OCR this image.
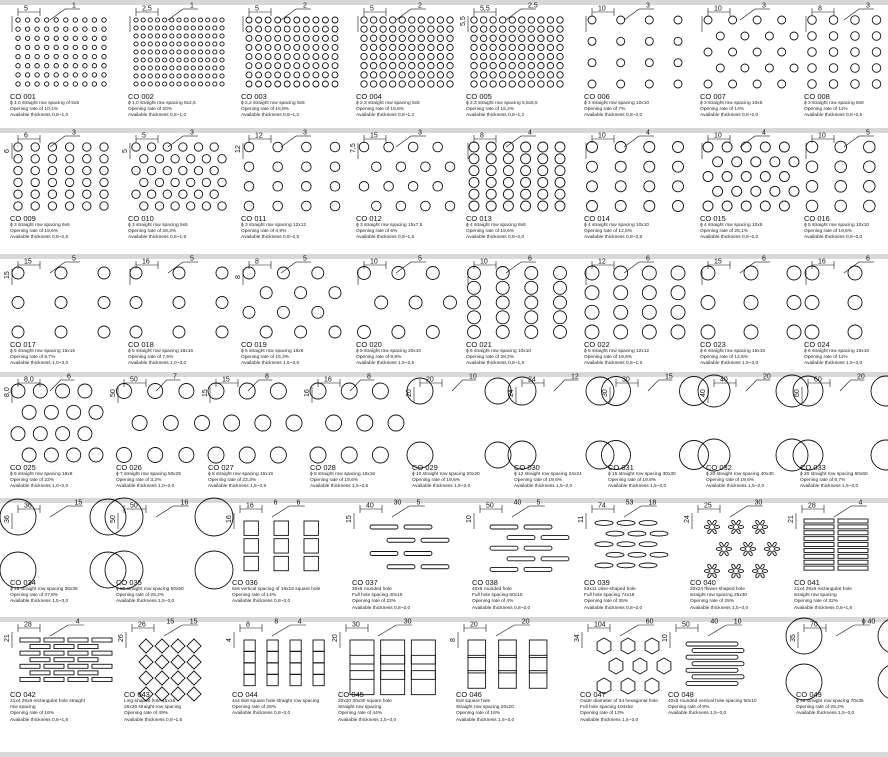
5	1
CO 001
ɸ 1,0 straight row spacing of 5x5
Opening rate of 10,1%
Available thickness 0,8~1,0
2,5	1
CO 002
ɸ 1,0 straight row spacing 5x2,5
Opening rate of 20%
Available thickness 0,8~1,0
5	2
CO 003
ɸ 2,2 straight row spacing 5x5
Opening rate of 16,8%
Available thickness 0,8~1,2
5	2
CO 004
ɸ 2,3 straight row spacing 5x5
Opening rate of 18,8%
Available thickness 0,8~1,2
5,5
5,5
2,5
CO 005
ɸ 2,3 straight row spacing 5,5x5,5
Opening rate of 16,2%
Available thickness 0,8~1,2
10	3
CO 006
ɸ 3 straight row spacing 10x10
Opening rate of 7%
Available thickness 0,8~2,0
10	3
CO 007
ɸ 3 straight row spacing 10x5
Opening rate of 14%
Available thickness 0,8~2,0
8	3
CO 008
ɸ 3 straight row spacing 8x8
Opening rate of 11%
Available thickness 0,8~2,5
6
6
3
CO 009
ɸ 3 straight row spacing 6x6
Opening rate of 19,6%
Available thickness 0,8~2,5
5
5
3
CO 010
ɸ 3 straight row spacing 5x5
Opening rate of 28,3%
Available thickness 0,8~1,5
12
12
3
CO 011
ɸ 3 straight row spacing 12x12
Opening rate of 4,9%
Available thickness 0,8~2,5
15
7,5
3
CO 012
ɸ 3 straight row spacing 15x7,5
Opening rate of 6%
Available thickness 0,8~1,5
8	4
CO 013
ɸ 4 straight row spacing 8x8
Opening rate of 19,6%
Available thickness 0,8~2,0
10	4
CO 014
ɸ 4 straight row spacing 10x10
Opening rate of 12,5%
Available thickness 0,8~2,5
10	4
CO 015
ɸ 4 straight row spacing 10x5
Opening rate of 25,1%
Available thickness 0,8~2,0
10	5
CO 016
ɸ 5 straight row spacing 10x10
Opening rate of 19,6%
Available thickness 0,8~3,0
15
15
5
CO 017
ɸ 5 straight row spacing 15x15
Opening rate of 8,7%
Available thickness 1,0~3,0
16	5
CO 018
ɸ 5 straight row spacing 16x16
Opening rate of 7,6%
Available thickness 1,0~3,0
8
8
5
CO 019
ɸ 5 straight row spacing 16x8
Opening rate of 15,3%
Available thickness 1,5~2,5
10	5
CO 020
ɸ 5 straight row spacing 20x10
Opening rate of 9,8%
Available thickness 1,5~2,5
10	6
CO 021
ɸ 6 straight row spacing 10x10
Opening rate of 28,2%
Available thickness 0,8~1,5
12	6
CO 022
ɸ 6 straight row spacing 12x12
Opening rate of 19,6%
Available thickness 0,8~1,5
15	6
CO 023
ɸ 6 straight row spacing 15x15
Opening rate of 12,6%
Available thickness 1,5~3,0
16	6
CO 024
ɸ 6 straight row spacing 16x16
Opening rate of 11%
Available thickness 1,5~3,0
8,0
8,0
6
CO 025
ɸ 6 straight row spacing 16x8
Opening rate of 22%
Available thickness 1,0~2,0
50
50
7
CO 026
ɸ 7 straight row spacing 50x25
Opening rate of 3,2%
Available thickness 1,0~2,0
15
15
8
CO 027
ɸ 8 straight row spacing 15x15
Opening rate of 22,3%
Available thickness 1,5~2,5
16
16
8
CO 028
ɸ 8 straight row spacing 16x16
Opening rate of 19,6%
Available thickness 1,5~2,5
20
20
10
CO 029
ɸ 10 straight row spacing 20x20
Opening rate of 19,6%
Available thickness 1,5~2,0
24
24
12
CO 030
ɸ 12 straight row spacing 24x24
Opening rate of 19,6%
Available thickness 1,5~2,0
30
30
15
CO 031
ɸ 15 straight row spacing 30x30
Opening rate of 19,6%
Available thickness 1,5~2,0
40
40
20
CO 032
ɸ 20 straight row spacing 40x40
Opening rate of 19,6%
Available thickness 1,5~2,0
60
60
20
CO 033
ɸ 20 straight row spacing 60x60
Opening rate of 8,7%
Available thickness 1,5~2,0
36
36
15
CO 034
ɸ 25 straight row spacing 36x36
Opening rate of 37,8%
Available thickness 1,5~3,0
50
50
16
CO 035
ɸ 30 straight row spacing 50x50
Opening rate of 28,2%
Available thickness 1,5~3,0
16
16
6	6
CO 036
6x6 vertical spacing of 16x16 square hole
Opening rate of 14%
Available thickness 0,8~2,0
40
15
30 5
CO 037
30x5 rounded hole
Full hole spacing 40x15
Opening rate of 22%
Available thickness 0,8~2,0
50
10
40 5
CO 038
40x5 rounded hole
Full hole spacing 50x10
Opening rate of 4%
Available thickness 0,8~2,0
74
11
53 18
CO 039
53x11 olive-shaped hole
Full hole spacing 74x18
Opening rate of 35%
Available thickness 0,8~2,0
25
24
30
CO 040
20x24 flower-shaped hole
straight row spacing 25x30
Opening rate of 25%
Available thickness 1,5~3,0
28
21
4
CO 041
21x4 28x8 rectangular hole
straight row spacing
Opening rate of 32%
Available thickness 0,8~1,5
28
21
4
CO 042
21x4 28x8 rectangular hole straight
row spacing
Opening rate of 16%
Available thickness 0,8~1,5
26
26
15 15
CO 043
Ling-shaped hole 15x15
26x26 straight row spacing
Opening rate of 49%
Available thickness 0,8~1,5
8
4
8	4
CO 044
4x4 8x8 square hole straight row spacing
Opening rate of 25%
Available thickness 0,8~2,0
30
20
30
CO 045
20x20 30x30 square hole
Straight row spacing
Opening rate of 44%
Available thickness 1,5~3,0
20
8
20
CO 046
8x8 square hole
Straight row spacing 20x20
Opening rate of 16%
Available thickness 1,5~3,0
104
34
60
CO 047
Outer diameter of 34 hexagonal hole
Full hole spacing 104x52
Opening rate of 13%
Available thickness 1,5~3,0
50
10
40 10
CO 048
40x5 rounded vertical hole spacing 50x10
Opening rate of 8%
Available thickness 1,5~3,0
70
35
ɸ 40
CO 049
ɸ 40 straight row spacing 70x35
Opening rate of 28,2%
Available thickness 1,5~3,0
